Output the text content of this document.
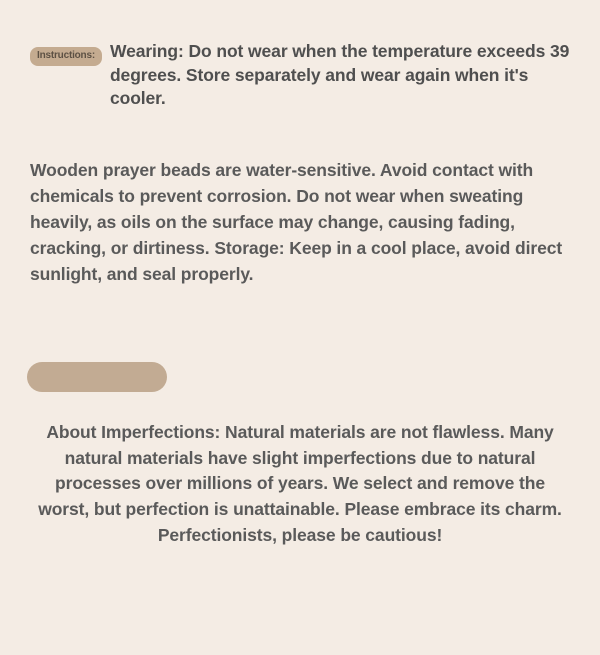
Instructions: Wearing: Do not wear when the temperature exceeds 39 degrees. Store separately and wear again when it's cooler.
Wooden prayer beads are water-sensitive. Avoid contact with chemicals to prevent corrosion. Do not wear when sweating heavily, as oils on the surface may change, causing fading, cracking, or dirtiness. Storage: Keep in a cool place, avoid direct sunlight, and seal properly.
About Imperfections: Natural materials are not flawless. Many natural materials have slight imperfections due to natural processes over millions of years. We select and remove the worst, but perfection is unattainable. Please embrace its charm. Perfectionists, please be cautious!
